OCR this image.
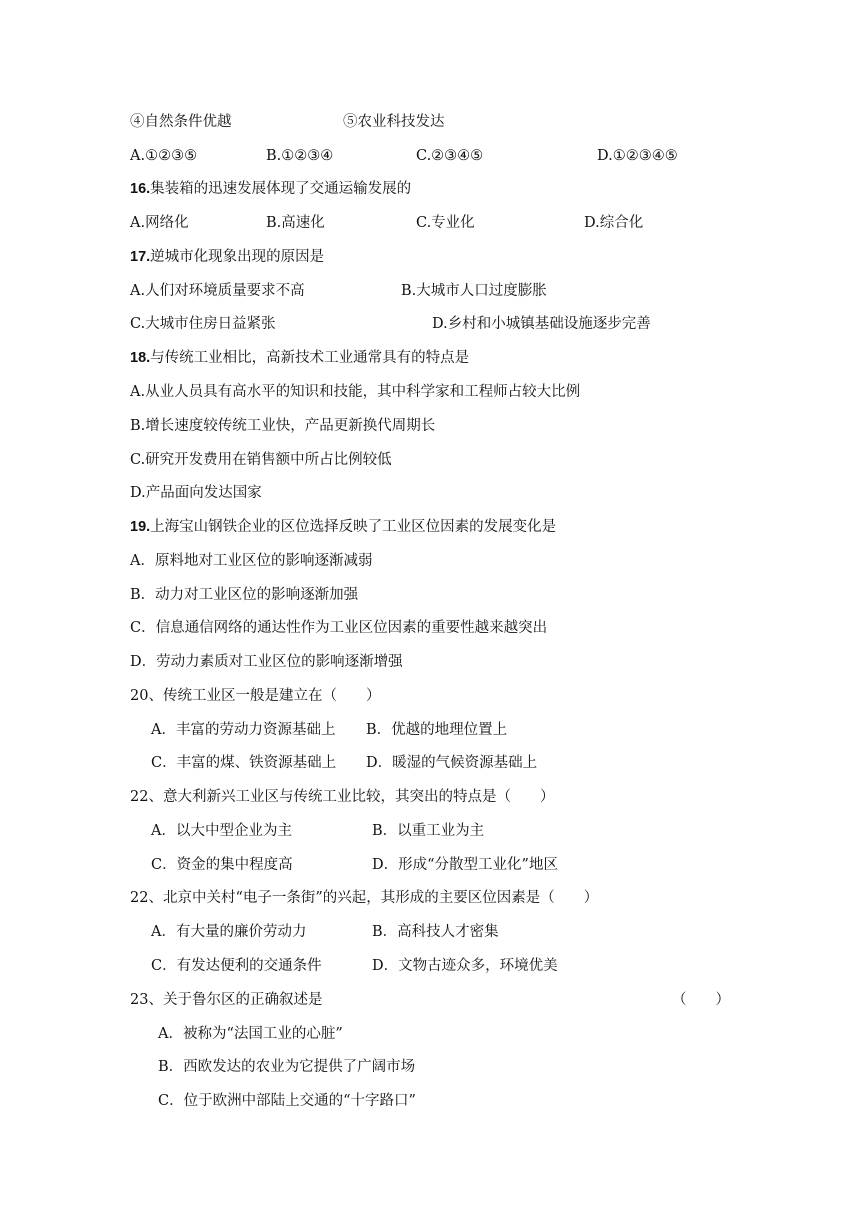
④自然条件优越	⑤农业科技发达
A.①②③⑤	B.①②③④	C.②③④⑤	D.①②③④⑤
16.集装箱的迅速发展体现了交通运输发展的
A.网络化	B.高速化	C.专业化	D.综合化
17.逆城市化现象出现的原因是
A.人们对环境质量要求不高	B.大城市人口过度膨胀
C.大城市住房日益紧张	D.乡村和小城镇基础设施逐步完善
18.与传统工业相比，高新技术工业通常具有的特点是
A.从业人员具有高水平的知识和技能，其中科学家和工程师占较大比例
B.增长速度较传统工业快，产品更新换代周期长
C.研究开发费用在销售额中所占比例较低
D.产品面向发达国家
19.上海宝山钢铁企业的区位选择反映了工业区位因素的发展变化是
A．原料地对工业区位的影响逐渐减弱
B．动力对工业区位的影响逐渐加强
C．信息通信网络的通达性作为工业区位因素的重要性越来越突出
D．劳动力素质对工业区位的影响逐渐增强
20、传统工业区一般是建立在（　　）
A．丰富的劳动力资源基础上 B．优越的地理位置上
C．丰富的煤、铁资源基础上 D．暖湿的气候资源基础上
22、意大利新兴工业区与传统工业比较，其突出的特点是（　　）
A．以大中型企业为主	B．以重工业为主
C．资金的集中程度高	D．形成“分散型工业化”地区
22、北京中关村“电子一条街”的兴起，其形成的主要区位因素是（　　）
A．有大量的廉价劳动力	B．高科技人才密集
C．有发达便利的交通条件	D．文物古迹众多，环境优美
23、关于鲁尔区的正确叙述是	（　　）
A．被称为“法国工业的心脏”
B．西欧发达的农业为它提供了广阔市场
C．位于欧洲中部陆上交通的“十字路口”
